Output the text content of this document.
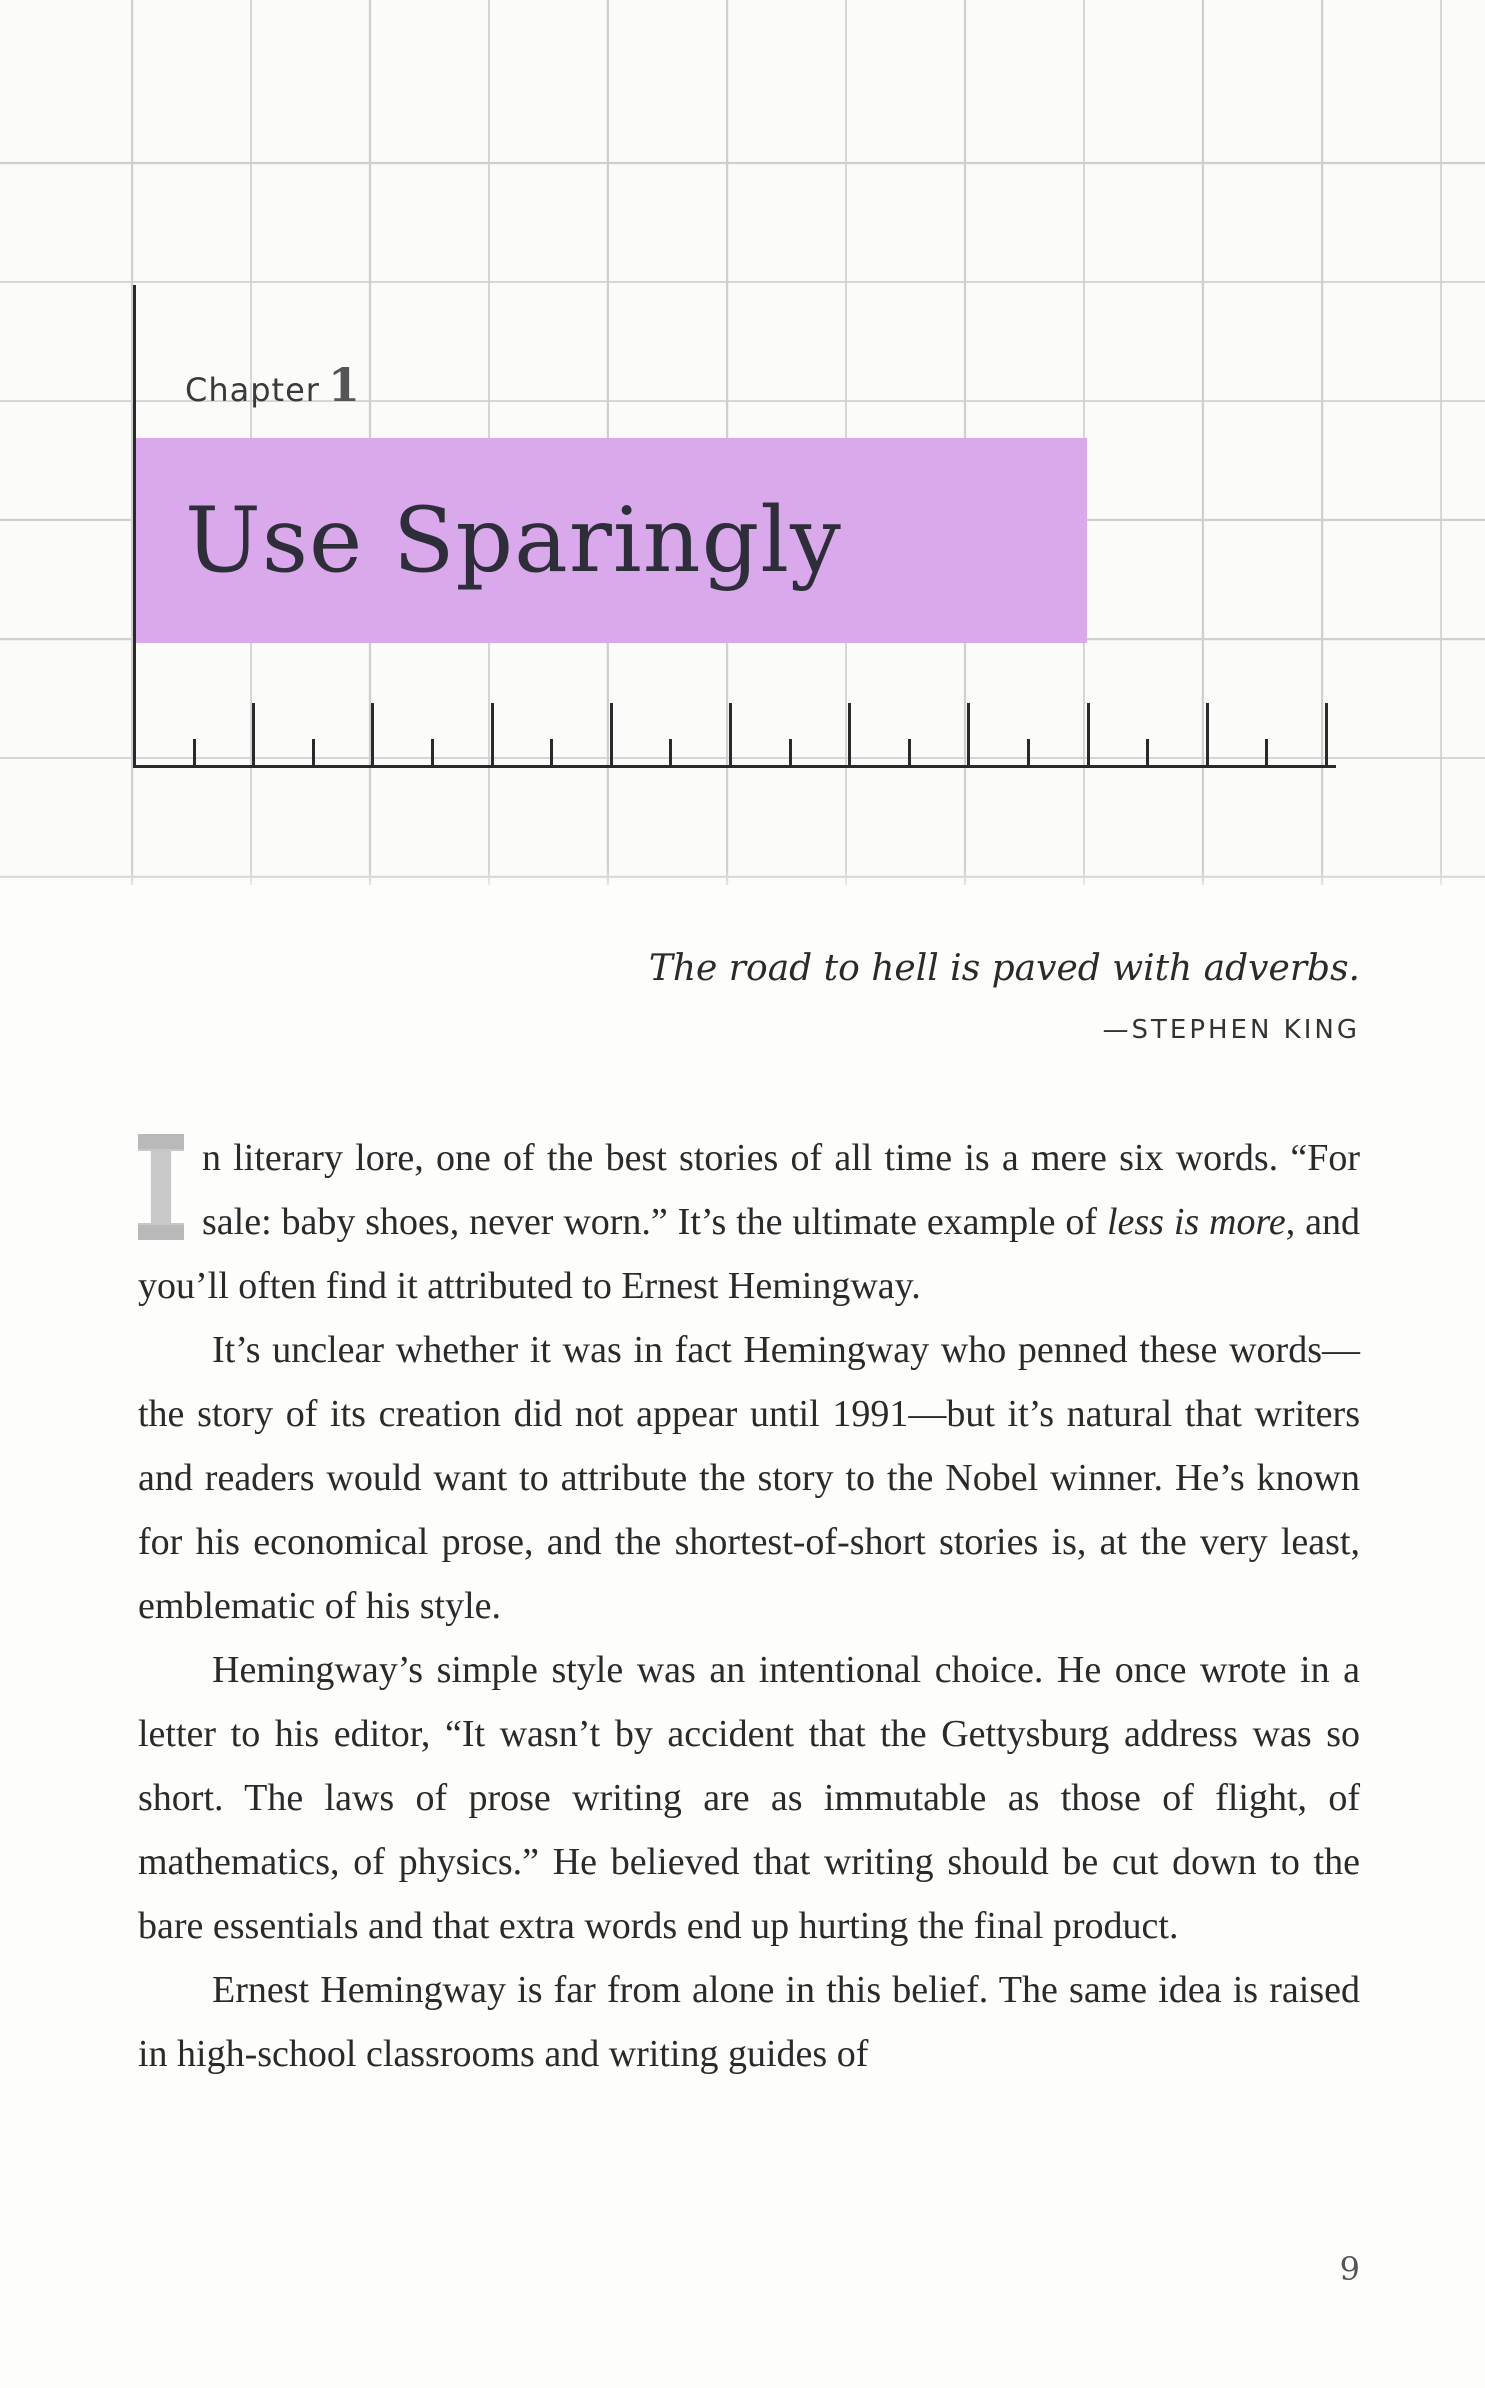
Chapter 1
Use Sparingly

The road to hell is paved with adverbs.

—STEPHEN KING

n literary lore, one of the best stories of all time is a mere six words. “For sale: baby shoes, never worn.” It’s the ultimate example of less is more, and you’ll often find it attributed to Ernest Hemingway.

It’s unclear whether it was in fact Hemingway who penned these words—the story of its creation did not appear until 1991—but it’s natural that writers and readers would want to attribute the story to the Nobel winner. He’s known for his economical prose, and the shortest-of-short stories is, at the very least, emblematic of his style.

Hemingway’s simple style was an intentional choice. He once wrote in a letter to his editor, “It wasn’t by accident that the Gettysburg address was so short. The laws of prose writing are as immutable as those of flight, of mathematics, of physics.” He believed that writing should be cut down to the bare essentials and that extra words end up hurting the final product.

Ernest Hemingway is far from alone in this belief. The same idea is raised in high-school classrooms and writing guides of

9
